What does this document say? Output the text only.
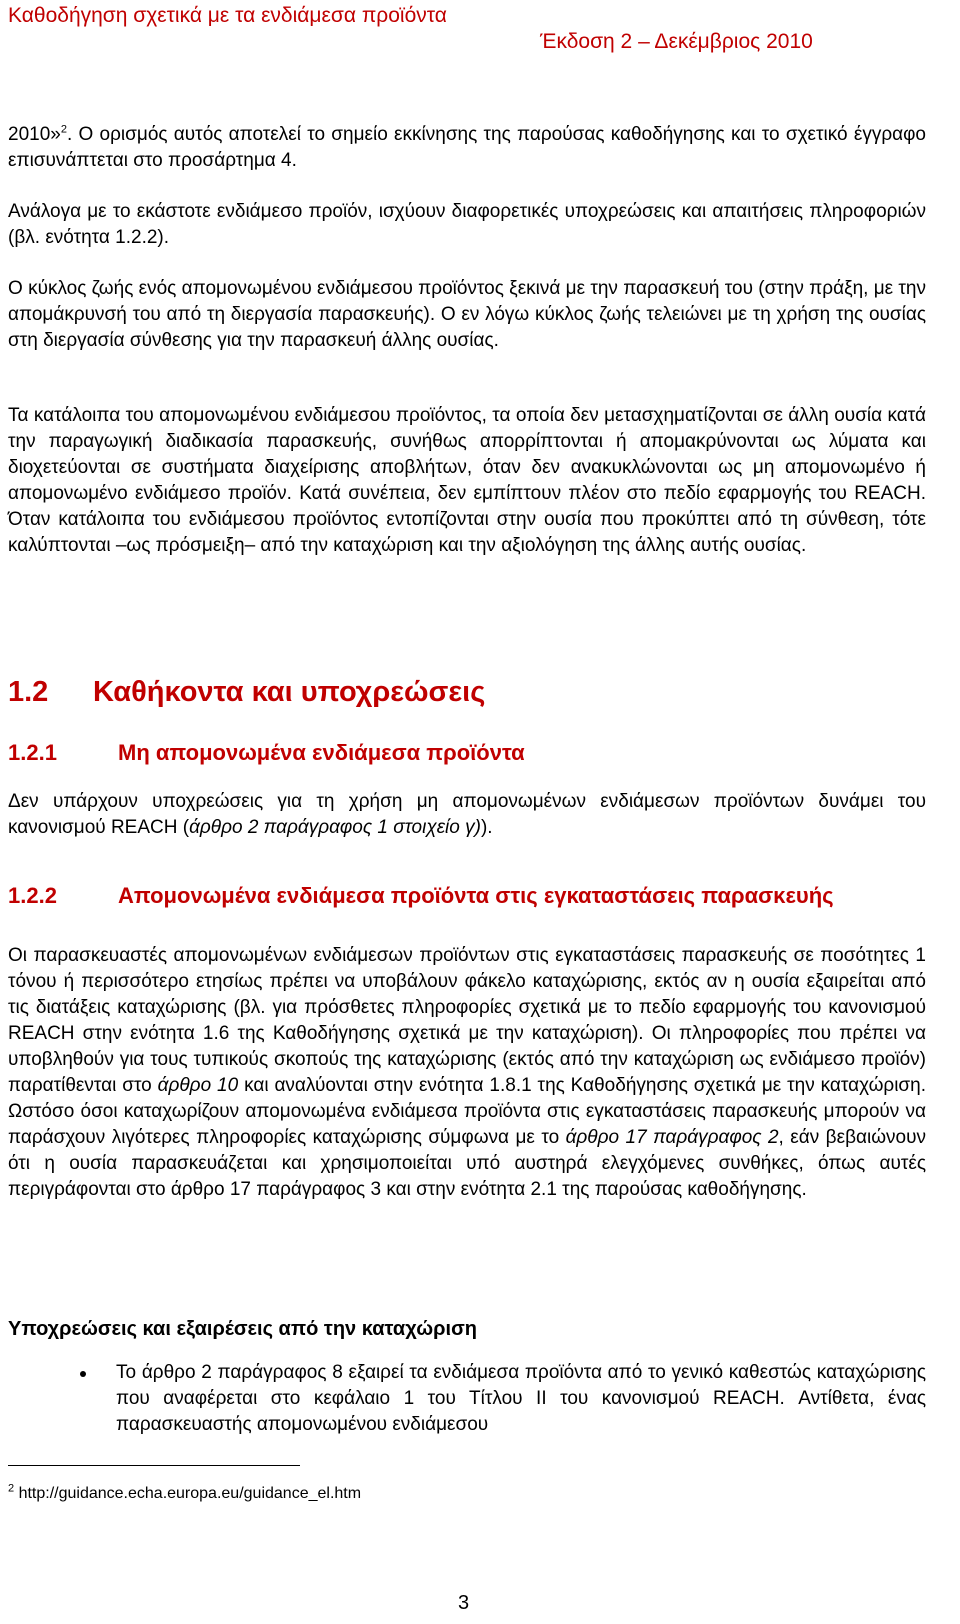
Καθοδήγηση σχετικά με τα ενδιάμεσα προϊόντα
Έκδοση 2 – Δεκέμβριος 2010
2010»$^2$. Ο ορισμός αυτός αποτελεί το σημείο εκκίνησης της παρούσας καθοδήγησης και το σχετικό έγγραφο επισυνάπτεται στο προσάρτημα 4.
Ανάλογα με το εκάστοτε ενδιάμεσο προϊόν, ισχύουν διαφορετικές υποχρεώσεις και απαιτήσεις πληροφοριών (βλ. ενότητα 1.2.2).
Ο κύκλος ζωής ενός απομονωμένου ενδιάμεσου προϊόντος ξεκινά με την παρασκευή του (στην πράξη, με την απομάκρυνσή του από τη διεργασία παρασκευής). Ο εν λόγω κύκλος ζωής τελειώνει με τη χρήση της ουσίας στη διεργασία σύνθεσης για την παρασκευή άλλης ουσίας.
Τα κατάλοιπα του απομονωμένου ενδιάμεσου προϊόντος, τα οποία δεν μετασχηματίζονται σε άλλη ουσία κατά την παραγωγική διαδικασία παρασκευής, συνήθως απορρίπτονται ή απομακρύνονται ως λύματα και διοχετεύονται σε συστήματα διαχείρισης αποβλήτων, όταν δεν ανακυκλώνονται ως μη απομονωμένο ή απομονωμένο ενδιάμεσο προϊόν. Κατά συνέπεια, δεν εμπίπτουν πλέον στο πεδίο εφαρμογής του REACH. Όταν κατάλοιπα του ενδιάμεσου προϊόντος εντοπίζονται στην ουσία που προκύπτει από τη σύνθεση, τότε καλύπτονται –ως πρόσμειξη– από την καταχώριση και την αξιολόγηση της άλλης αυτής ουσίας.
1.2 Καθήκοντα και υποχρεώσεις
1.2.1	Μη απομονωμένα ενδιάμεσα προϊόντα
Δεν υπάρχουν υποχρεώσεις για τη χρήση μη απομονωμένων ενδιάμεσων προϊόντων δυνάμει του κανονισμού REACH (άρθρο 2 παράγραφος 1 στοιχείο γ)).
1.2.2	Απομονωμένα ενδιάμεσα προϊόντα στις εγκαταστάσεις παρασκευής
Οι παρασκευαστές απομονωμένων ενδιάμεσων προϊόντων στις εγκαταστάσεις παρασκευής σε ποσότητες 1 τόνου ή περισσότερο ετησίως πρέπει να υποβάλουν φάκελο καταχώρισης, εκτός αν η ουσία εξαιρείται από τις διατάξεις καταχώρισης (βλ. για πρόσθετες πληροφορίες σχετικά με το πεδίο εφαρμογής του κανονισμού REACH στην ενότητα 1.6 της Καθοδήγησης σχετικά με την καταχώριση). Οι πληροφορίες που πρέπει να υποβληθούν για τους τυπικούς σκοπούς της καταχώρισης (εκτός από την καταχώριση ως ενδιάμεσο προϊόν) παρατίθενται στο άρθρο 10 και αναλύονται στην ενότητα 1.8.1 της Καθοδήγησης σχετικά με την καταχώριση. Ωστόσο όσοι καταχωρίζουν απομονωμένα ενδιάμεσα προϊόντα στις εγκαταστάσεις παρασκευής μπορούν να παράσχουν λιγότερες πληροφορίες καταχώρισης σύμφωνα με το άρθρο 17 παράγραφος 2, εάν βεβαιώνουν ότι η ουσία παρασκευάζεται και χρησιμοποιείται υπό αυστηρά ελεγχόμενες συνθήκες, όπως αυτές περιγράφονται στο άρθρο 17 παράγραφος 3 και στην ενότητα 2.1 της παρούσας καθοδήγησης.
Υποχρεώσεις και εξαιρέσεις από την καταχώριση
Το άρθρο 2 παράγραφος 8 εξαιρεί τα ενδιάμεσα προϊόντα από το γενικό καθεστώς καταχώρισης που αναφέρεται στο κεφάλαιο 1 του Τίτλου II του κανονισμού REACH. Αντίθετα, ένας παρασκευαστής απομονωμένου ενδιάμεσου
$^2$ http://guidance.echa.europa.eu/guidance_el.htm
3
